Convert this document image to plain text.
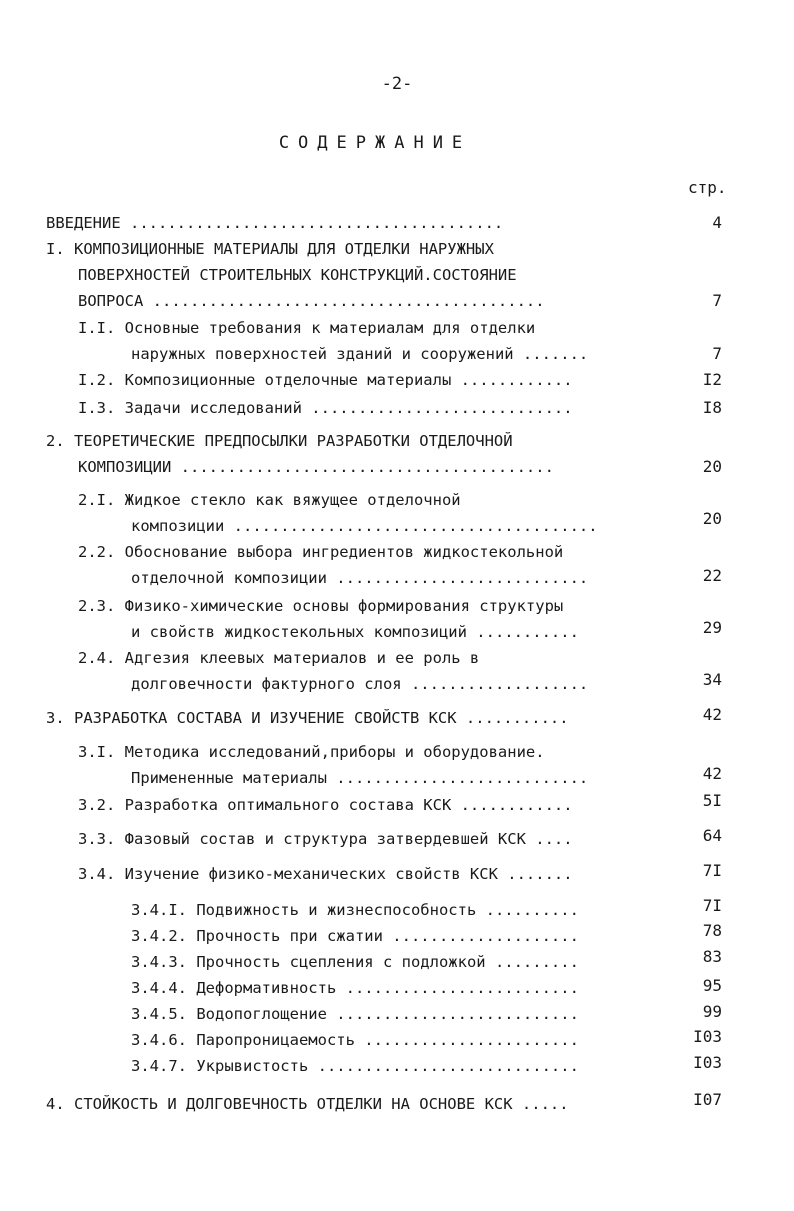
-2-
СОДЕРЖАНИЕ
стр.
ВВЕДЕНИЕ ........................................	4
I. КОМПОЗИЦИОННЫЕ МАТЕРИАЛЫ ДЛЯ ОТДЕЛКИ НАРУЖНЫХ
ПОВЕРХНОСТЕЙ СТРОИТЕЛЬНЫХ КОНСТРУКЦИЙ.СОСТОЯНИЕ
ВОПРОСА ..........................................	7
I.I. Основные требования к материалам для отделки
наружных поверхностей зданий и сооружений .......	7
I.2. Композиционные отделочные материалы ............	I2
I.3. Задачи исследований ............................	I8
2. ТЕОРЕТИЧЕСКИЕ ПРЕДПОСЫЛКИ РАЗРАБОТКИ ОТДЕЛОЧНОЙ
КОМПОЗИЦИИ ........................................	20
2.I. Жидкое стекло как вяжущее отделочной
композиции .......................................	20
2.2. Обоснование выбора ингредиентов жидкостекольной
отделочной композиции ...........................	22
2.3. Физико-химические основы формирования структуры
и свойств жидкостекольных композиций ...........	29
2.4. Адгезия клеевых материалов и ее роль в
долговечности фактурного слоя ...................	34
3. РАЗРАБОТКА СОСТАВА И ИЗУЧЕНИЕ СВОЙСТВ КСК ...........	42
3.I. Методика исследований,приборы и оборудование.
Примененные материалы ...........................	42
3.2. Разработка оптимального состава КСК ............	5I
3.3. Фазовый состав и структура затвердевшей КСК ....	64
3.4. Изучение физико-механических свойств КСК .......	7I
3.4.I. Подвижность и жизнеспособность ..........	7I
3.4.2. Прочность при сжатии ....................	78
3.4.3. Прочность сцепления с подложкой .........	83
3.4.4. Деформативность .........................	95
3.4.5. Водопоглощение ..........................	99
3.4.6. Паропроницаемость .......................	I03
3.4.7. Укрывистость ............................	I03
4. СТОЙКОСТЬ И ДОЛГОВЕЧНОСТЬ ОТДЕЛКИ НА ОСНОВЕ КСК .....	I07
